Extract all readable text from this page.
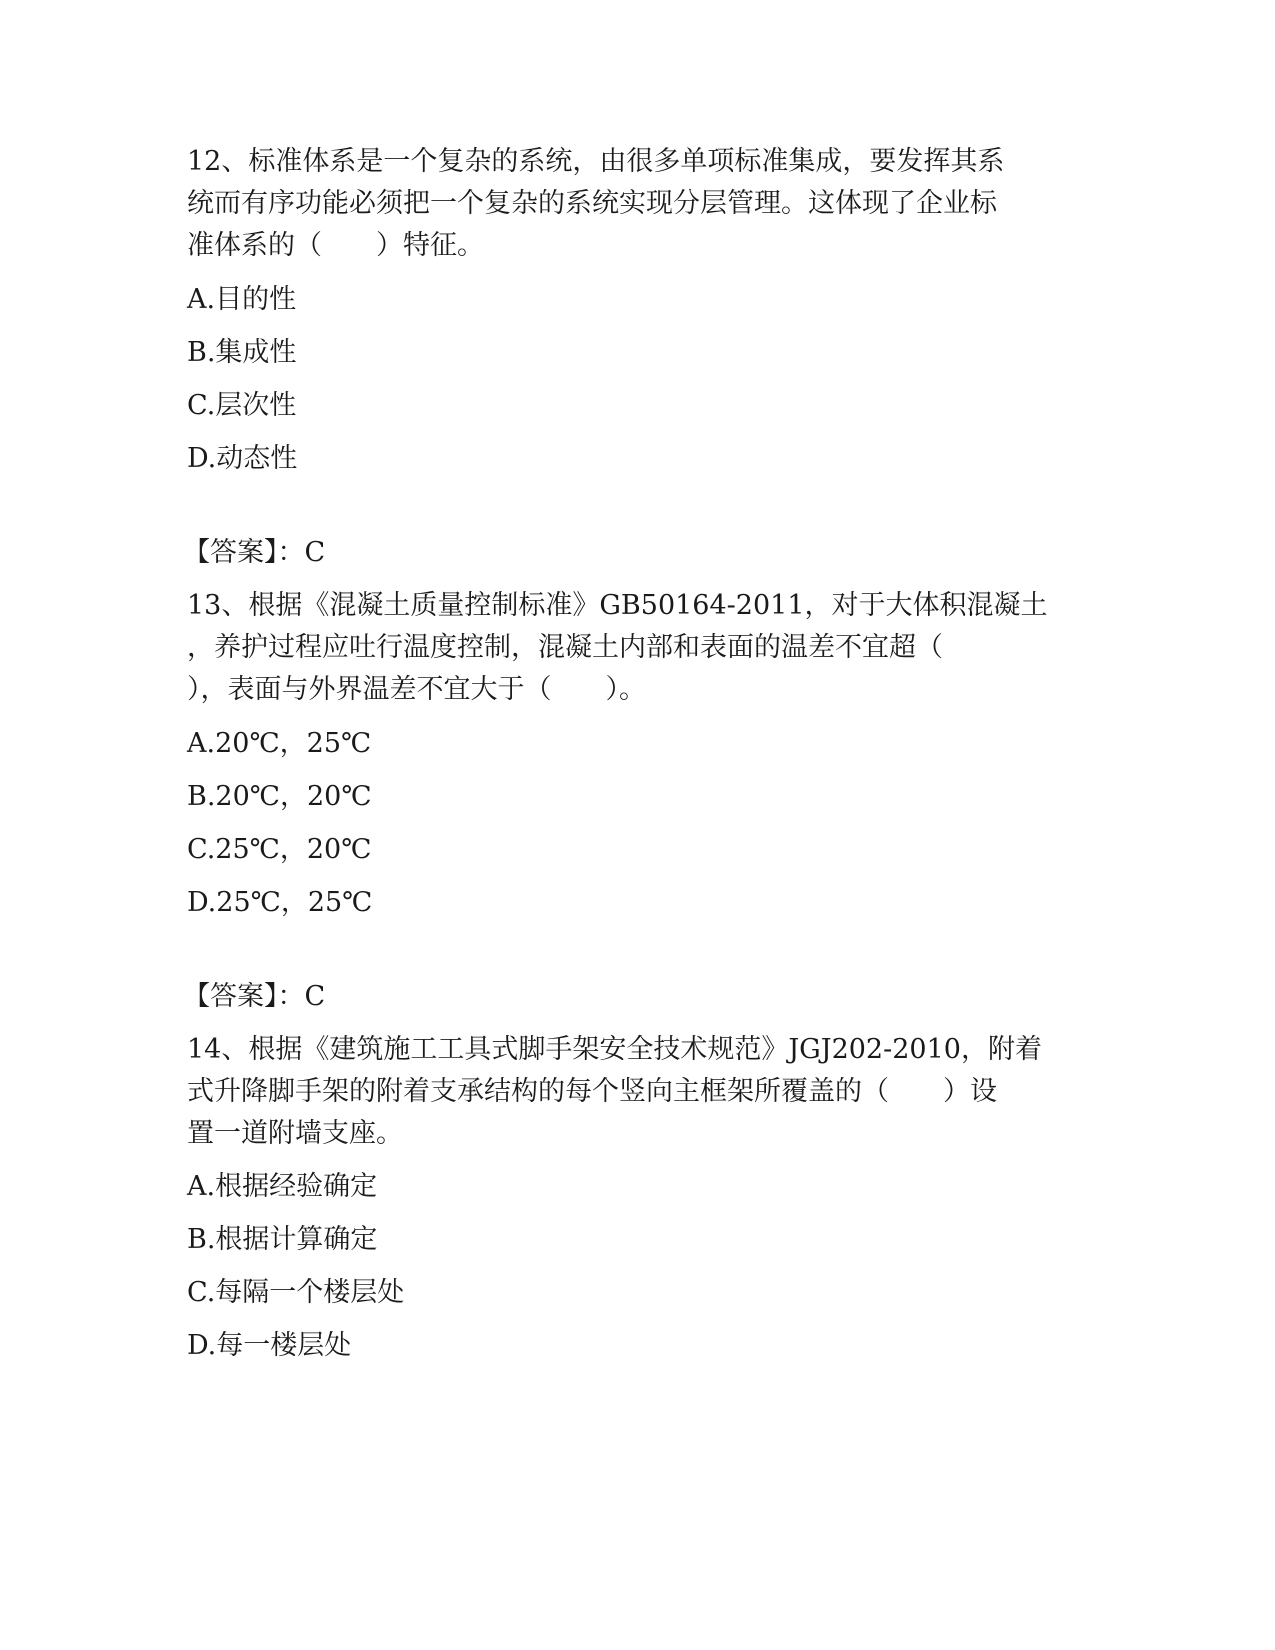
12、标准体系是一个复杂的系统，由很多单项标准集成，要发挥其系
统而有序功能必须把一个复杂的系统实现分层管理。这体现了企业标
准体系的（　　）特征。
A.目的性
B.集成性
C.层次性
D.动态性
【答案】：C
13、根据《混凝土质量控制标准》GB50164-2011，对于大体积混凝土
，养护过程应吐行温度控制，混凝土内部和表面的温差不宜超（
），表面与外界温差不宜大于（　　）。
A.20℃，25℃
B.20℃，20℃
C.25℃，20℃
D.25℃，25℃
【答案】：C
14、根据《建筑施工工具式脚手架安全技术规范》JGJ202-2010，附着
式升降脚手架的附着支承结构的每个竖向主框架所覆盖的（　　）设
置一道附墙支座。
A.根据经验确定
B.根据计算确定
C.每隔一个楼层处
D.每一楼层处
